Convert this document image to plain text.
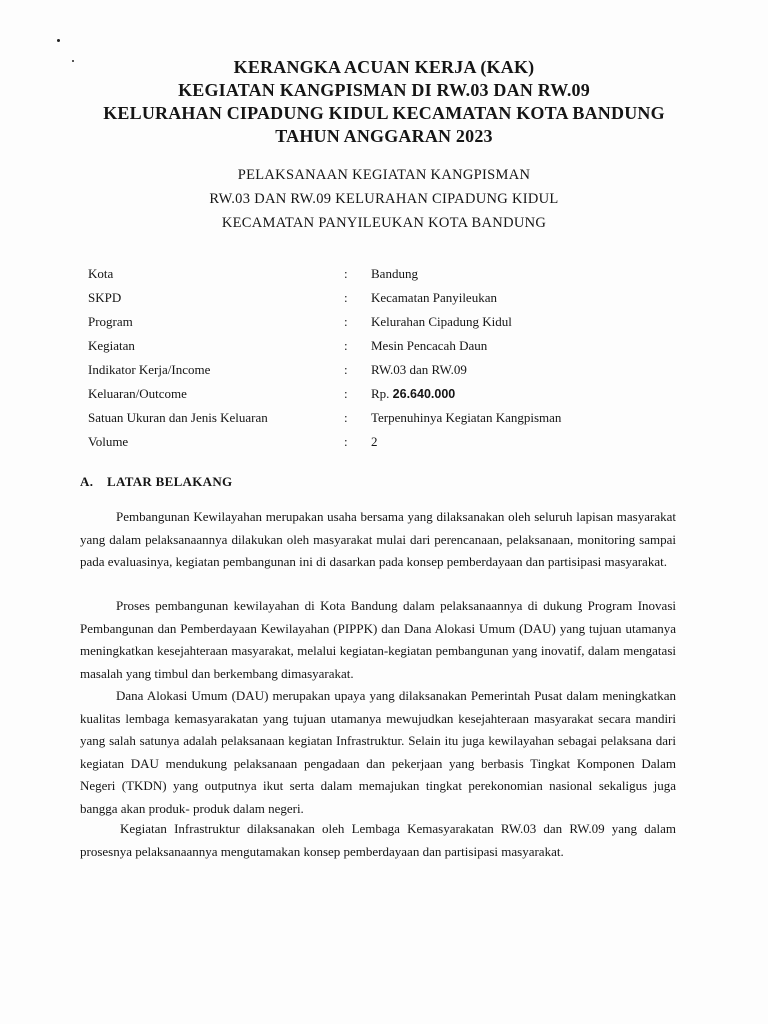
KERANGKA ACUAN KERJA (KAK)
KEGIATAN KANGPISMAN DI RW.03 DAN RW.09
KELURAHAN CIPADUNG KIDUL KECAMATAN KOTA BANDUNG
TAHUN ANGGARAN 2023
PELAKSANAAN KEGIATAN KANGPISMAN
RW.03 DAN RW.09 KELURAHAN CIPADUNG KIDUL
KECAMATAN PANYILEUKAN KOTA BANDUNG
Kota	:	Bandung
SKPD	:	Kecamatan Panyileukan
Program	:	Kelurahan Cipadung Kidul
Kegiatan	:	Mesin Pencacah Daun
Indikator Kerja/Income	:	RW.03 dan RW.09
Keluaran/Outcome	:	Rp. 26.640.000
Satuan Ukuran dan Jenis Keluaran	:	Terpenuhinya Kegiatan Kangpisman
Volume	:	2
A. LATAR BELAKANG

Pembangunan Kewilayahan merupakan usaha bersama yang dilaksanakan oleh seluruh lapisan masyarakat yang dalam pelaksanaannya dilakukan oleh masyarakat mulai dari perencanaan, pelaksanaan, monitoring sampai pada evaluasinya, kegiatan pembangunan ini di dasarkan pada konsep pemberdayaan dan partisipasi masyarakat.

Proses pembangunan kewilayahan di Kota Bandung dalam pelaksanaannya di dukung Program Inovasi Pembangunan dan Pemberdayaan Kewilayahan (PIPPK) dan Dana Alokasi Umum (DAU) yang tujuan utamanya meningkatkan kesejahteraan masyarakat, melalui kegiatan-kegiatan pembangunan yang inovatif, dalam mengatasi masalah yang timbul dan berkembang dimasyarakat.

Dana Alokasi Umum (DAU) merupakan upaya yang dilaksanakan Pemerintah Pusat dalam meningkatkan kualitas lembaga kemasyarakatan yang tujuan utamanya mewujudkan kesejahteraan masyarakat secara mandiri yang salah satunya adalah pelaksanaan kegiatan Infrastruktur. Selain itu juga kewilayahan sebagai pelaksana dari kegiatan DAU mendukung pelaksanaan pengadaan dan pekerjaan yang berbasis Tingkat Komponen Dalam Negeri (TKDN) yang outputnya ikut serta dalam memajukan tingkat perekonomian nasional sekaligus juga bangga akan produk- produk dalam negeri.

Kegiatan Infrastruktur dilaksanakan oleh Lembaga Kemasyarakatan RW.03 dan RW.09 yang dalam prosesnya pelaksanaannya mengutamakan konsep pemberdayaan dan partisipasi masyarakat.
